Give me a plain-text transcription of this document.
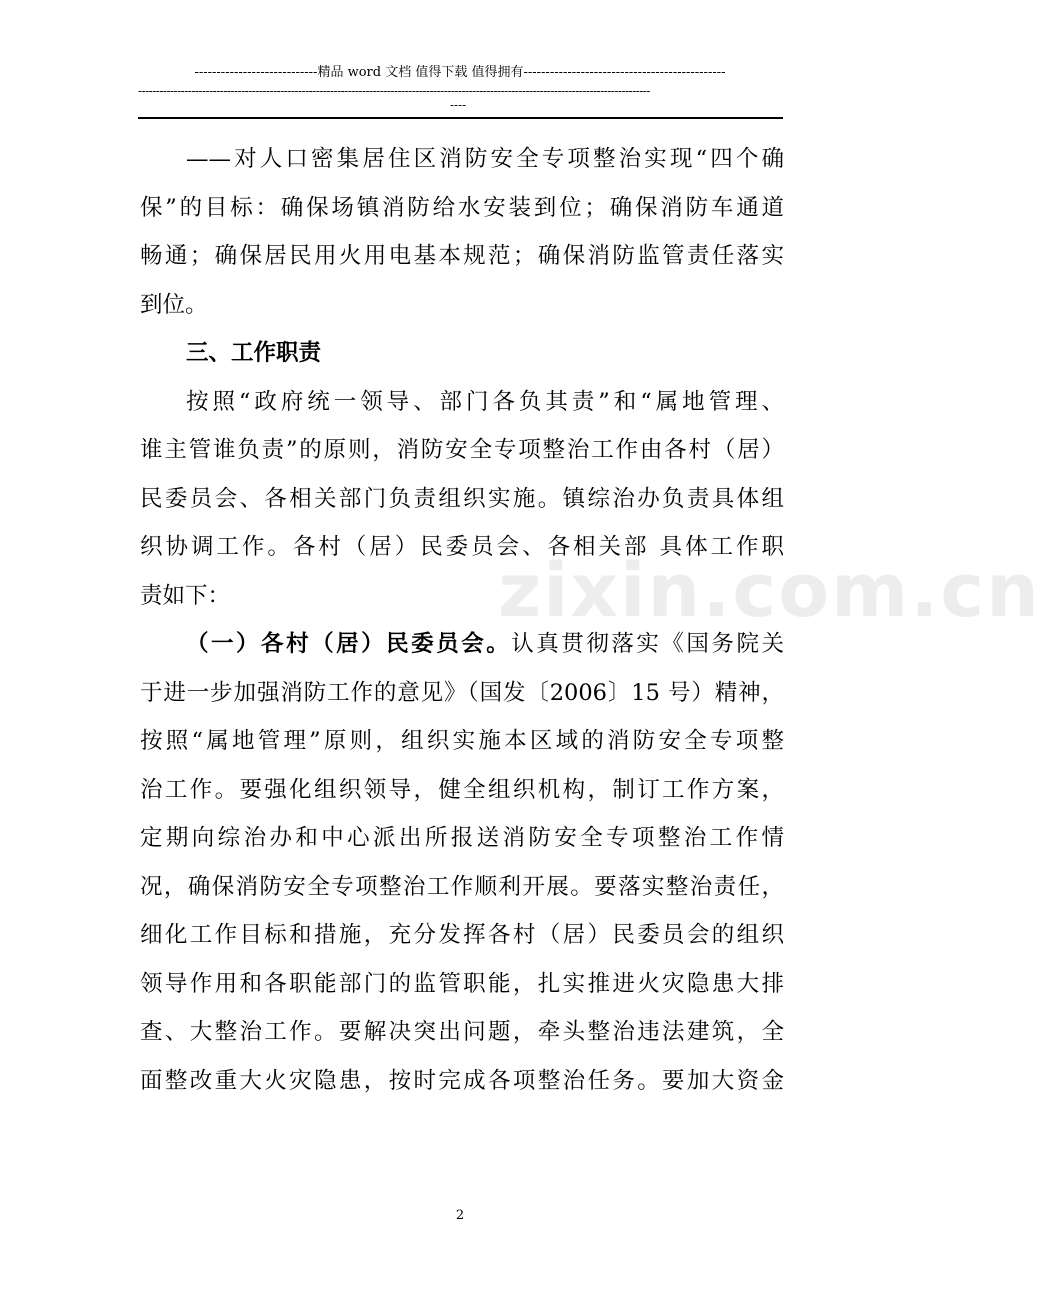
----------------------------精品 word 文档 值得下载 值得拥有----------------------------------------------
------------------------------------------------------------------------------------------------------------------------------------------------
----
zixin.com.cn
——对人口密集居住区消防安全专项整治实现“四个确
保”的目标：确保场镇消防给水安装到位；确保消防车通道
畅通；确保居民用火用电基本规范；确保消防监管责任落实
到位。
三、工作职责
按照“政府统一领导、部门各负其责”和“属地管理、
谁主管谁负责”的原则，消防安全专项整治工作由各村（居）
民委员会、各相关部门负责组织实施。镇综治办负责具体组
织协调工作。各村（居）民委员会、各相关部 具体工作职
责如下：
（一）各村（居）民委员会。认真贯彻落实《国务院关
于进一步加强消防工作的意见》（国发〔2006〕15 号）精神，
按照“属地管理”原则，组织实施本区域的消防安全专项整
治工作。要强化组织领导，健全组织机构，制订工作方案，
定期向综治办和中心派出所报送消防安全专项整治工作情
况，确保消防安全专项整治工作顺利开展。要落实整治责任，
细化工作目标和措施，充分发挥各村（居）民委员会的组织
领导作用和各职能部门的监管职能，扎实推进火灾隐患大排
查、大整治工作。要解决突出问题，牵头整治违法建筑，全
面整改重大火灾隐患，按时完成各项整治任务。要加大资金
2
